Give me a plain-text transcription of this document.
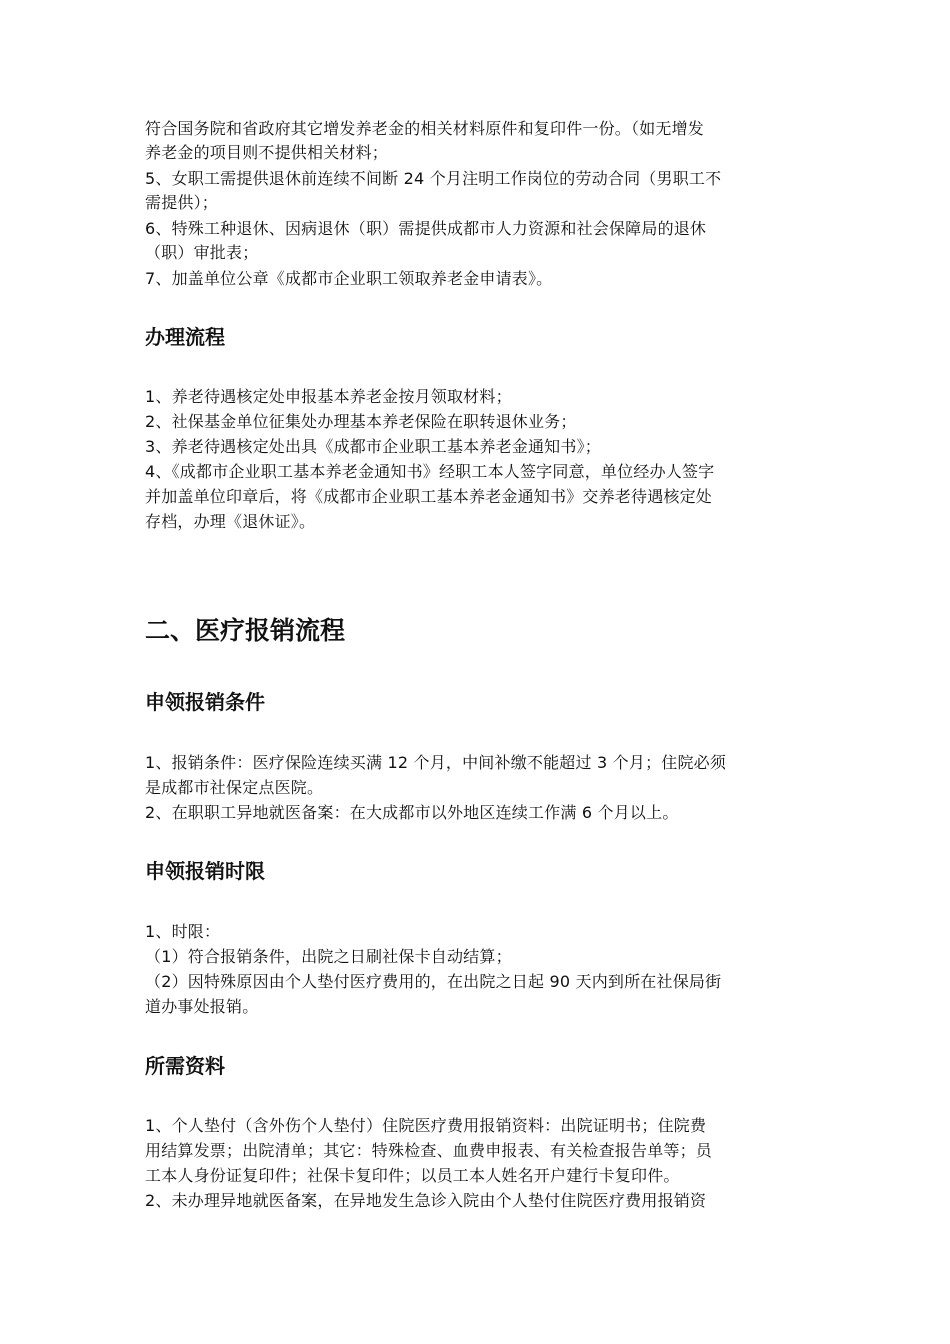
符合国务院和省政府其它增发养老金的相关材料原件和复印件一份。（如无增发
养老金的项目则不提供相关材料；
5、女职工需提供退休前连续不间断 24 个月注明工作岗位的劳动合同（男职工不
需提供）；
6、特殊工种退休、因病退休（职）需提供成都市人力资源和社会保障局的退休
（职）审批表；
7、加盖单位公章《成都市企业职工领取养老金申请表》。
办理流程
1、养老待遇核定处申报基本养老金按月领取材料；
2、社保基金单位征集处办理基本养老保险在职转退休业务；
3、养老待遇核定处出具《成都市企业职工基本养老金通知书》；
4、《成都市企业职工基本养老金通知书》经职工本人签字同意，单位经办人签字
并加盖单位印章后，将《成都市企业职工基本养老金通知书》交养老待遇核定处
存档，办理《退休证》。
二、医疗报销流程
申领报销条件
1、报销条件：医疗保险连续买满 12 个月，中间补缴不能超过 3 个月；住院必须
是成都市社保定点医院。
2、在职职工异地就医备案：在大成都市以外地区连续工作满 6 个月以上。
申领报销时限
1、时限：
（1）符合报销条件，出院之日刷社保卡自动结算；
（2）因特殊原因由个人垫付医疗费用的，在出院之日起 90 天内到所在社保局街
道办事处报销。
所需资料
1、个人垫付（含外伤个人垫付）住院医疗费用报销资料：出院证明书；住院费
用结算发票；出院清单；其它：特殊检查、血费申报表、有关检查报告单等；员
工本人身份证复印件；社保卡复印件；以员工本人姓名开户建行卡复印件。
2、未办理异地就医备案，在异地发生急诊入院由个人垫付住院医疗费用报销资
